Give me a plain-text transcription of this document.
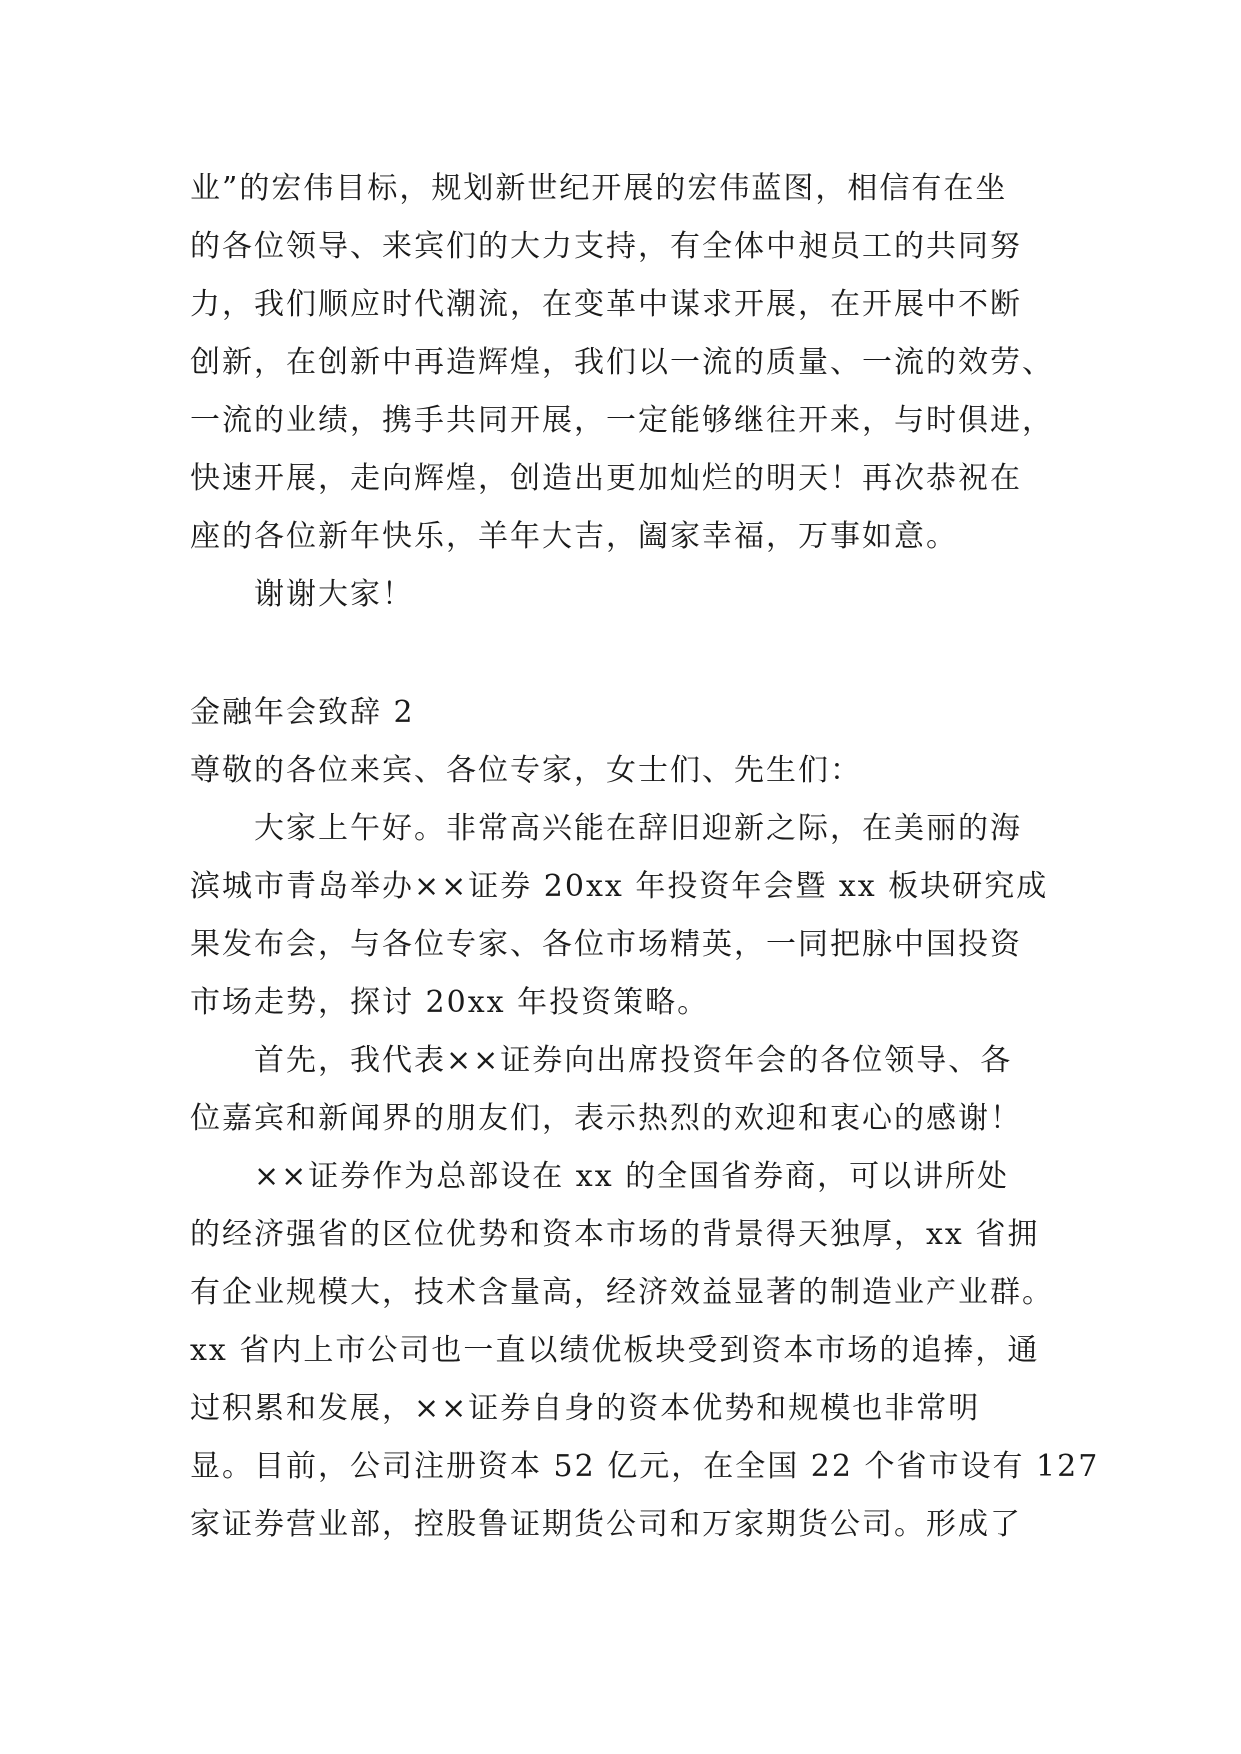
业”的宏伟目标，规划新世纪开展的宏伟蓝图，相信有在坐
的各位领导、来宾们的大力支持，有全体中昶员工的共同努
力，我们顺应时代潮流，在变革中谋求开展，在开展中不断
创新，在创新中再造辉煌，我们以一流的质量、一流的效劳、
一流的业绩，携手共同开展，一定能够继往开来，与时俱进，
快速开展，走向辉煌，创造出更加灿烂的明天！再次恭祝在
座的各位新年快乐，羊年大吉，阖家幸福，万事如意。
谢谢大家！
金融年会致辞 2
尊敬的各位来宾、各位专家，女士们、先生们：
大家上午好。非常高兴能在辞旧迎新之际，在美丽的海
滨城市青岛举办××证券 20xx 年投资年会暨 xx 板块研究成
果发布会，与各位专家、各位市场精英，一同把脉中国投资
市场走势，探讨 20xx 年投资策略。
首先，我代表××证券向出席投资年会的各位领导、各
位嘉宾和新闻界的朋友们，表示热烈的欢迎和衷心的感谢！
××证券作为总部设在 xx 的全国省券商，可以讲所处
的经济强省的区位优势和资本市场的背景得天独厚，xx 省拥
有企业规模大，技术含量高，经济效益显著的制造业产业群。
xx 省内上市公司也一直以绩优板块受到资本市场的追捧，通
过积累和发展，××证券自身的资本优势和规模也非常明
显。目前，公司注册资本 52 亿元，在全国 22 个省市设有 127
家证券营业部，控股鲁证期货公司和万家期货公司。形成了
